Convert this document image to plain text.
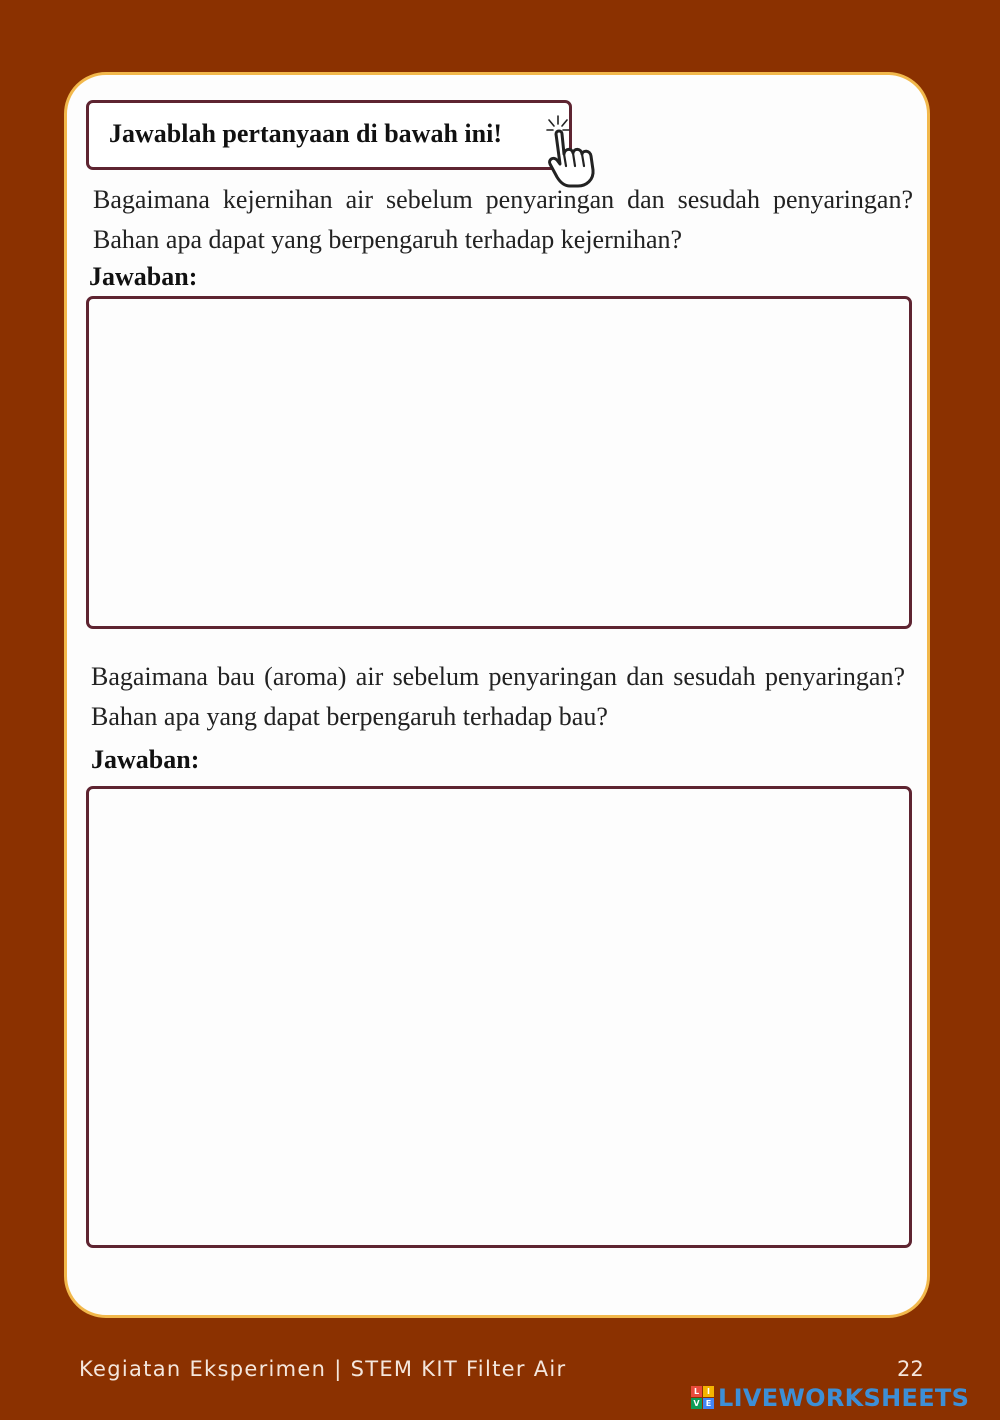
Jawablah pertanyaan di bawah ini!
Bagaimana kejernihan air sebelum penyaringan dan sesudah penyaringan? Bahan apa dapat yang berpengaruh terhadap kejernihan?
Jawaban:
Bagaimana bau (aroma) air sebelum penyaringan dan sesudah penyaringan? Bahan apa yang dapat berpengaruh terhadap bau?
Jawaban:
Kegiatan Eksperimen | STEM KIT Filter Air	22
L I
V E LIVEWORKSHEETS
